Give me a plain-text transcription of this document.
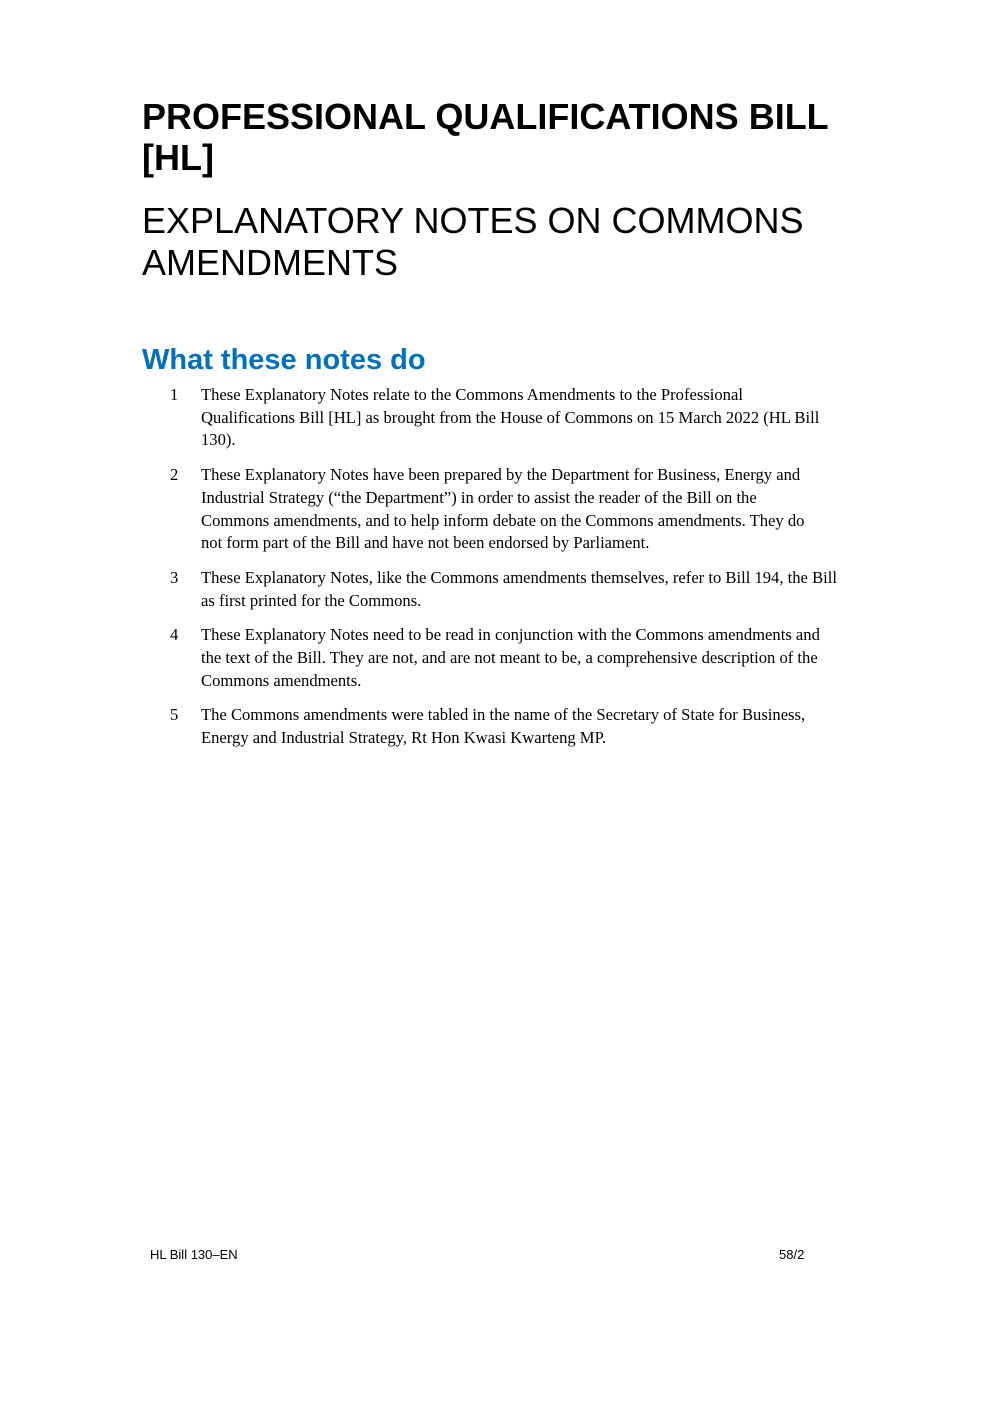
PROFESSIONAL QUALIFICATIONS BILL
[HL]
EXPLANATORY NOTES ON COMMONS
AMENDMENTS
What these notes do
1	These Explanatory Notes relate to the Commons Amendments to the Professional
Qualifications Bill [HL] as brought from the House of Commons on 15 March 2022 (HL Bill
130).
2	These Explanatory Notes have been prepared by the Department for Business, Energy and
Industrial Strategy (“the Department”) in order to assist the reader of the Bill on the
Commons amendments, and to help inform debate on the Commons amendments. They do
not form part of the Bill and have not been endorsed by Parliament.
3	These Explanatory Notes, like the Commons amendments themselves, refer to Bill 194, the Bill
as first printed for the Commons.
4	These Explanatory Notes need to be read in conjunction with the Commons amendments and
the text of the Bill. They are not, and are not meant to be, a comprehensive description of the
Commons amendments.
5	The Commons amendments were tabled in the name of the Secretary of State for Business,
Energy and Industrial Strategy, Rt Hon Kwasi Kwarteng MP.
HL Bill 130–EN	58/2
